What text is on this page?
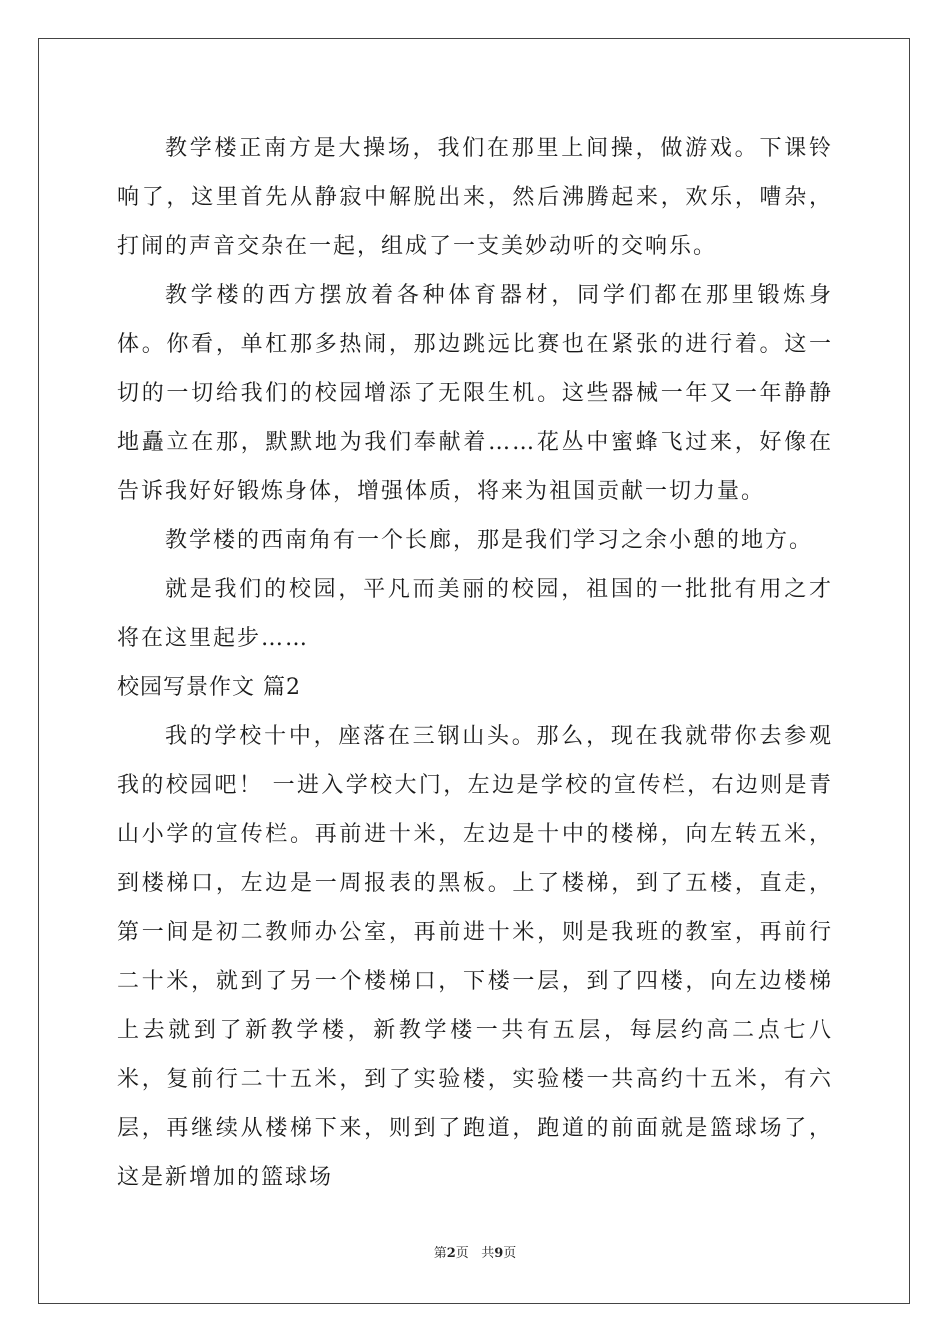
教学楼正南方是大操场，我们在那里上间操，做游戏。下课铃响了，这里首先从静寂中解脱出来，然后沸腾起来，欢乐，嘈杂，打闹的声音交杂在一起，组成了一支美妙动听的交响乐。

教学楼的西方摆放着各种体育器材，同学们都在那里锻炼身体。你看，单杠那多热闹，那边跳远比赛也在紧张的进行着。这一切的一切给我们的校园增添了无限生机。这些器械一年又一年静静地矗立在那，默默地为我们奉献着……花丛中蜜蜂飞过来，好像在告诉我好好锻炼身体，增强体质，将来为祖国贡献一切力量。

教学楼的西南角有一个长廊，那是我们学习之余小憩的地方。

就是我们的校园，平凡而美丽的校园，祖国的一批批有用之才将在这里起步……

校园写景作文 篇2

我的学校十中，座落在三钢山头。那么，现在我就带你去参观我的校园吧！ 一进入学校大门，左边是学校的宣传栏，右边则是青山小学的宣传栏。再前进十米，左边是十中的楼梯，向左转五米，到楼梯口，左边是一周报表的黑板。上了楼梯，到了五楼，直走，第一间是初二教师办公室，再前进十米，则是我班的教室，再前行二十米，就到了另一个楼梯口，下楼一层，到了四楼，向左边楼梯上去就到了新教学楼，新教学楼一共有五层，每层约高二点七八米，复前行二十五米，到了实验楼，实验楼一共高约十五米，有六层，再继续从楼梯下来，则到了跑道，跑道的前面就是篮球场了，这是新增加的篮球场

第2页 共9页
